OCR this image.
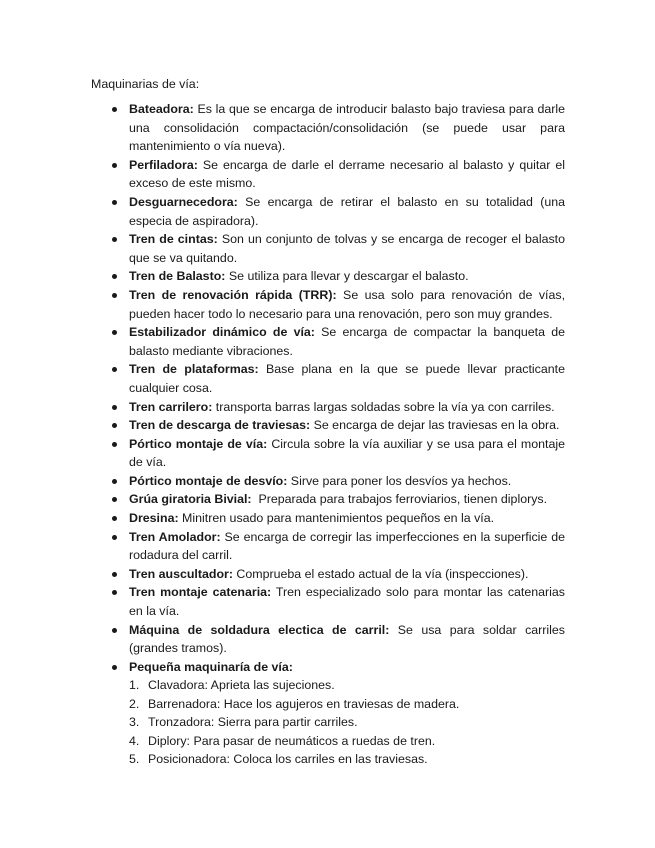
Maquinarias de vía:

Bateadora: Es la que se encarga de introducir balasto bajo traviesa para darle una consolidación compactación/consolidación (se puede usar para mantenimiento o vía nueva).
Perfiladora: Se encarga de darle el derrame necesario al balasto y quitar el exceso de este mismo.
Desguarnecedora: Se encarga de retirar el balasto en su totalidad (una especia de aspiradora).
Tren de cintas: Son un conjunto de tolvas y se encarga de recoger el balasto que se va quitando.
Tren de Balasto: Se utiliza para llevar y descargar el balasto.
Tren de renovación rápida (TRR): Se usa solo para renovación de vías, pueden hacer todo lo necesario para una renovación, pero son muy grandes.
Estabilizador dinámico de vía: Se encarga de compactar la banqueta de balasto mediante vibraciones.
Tren de plataformas: Base plana en la que se puede llevar practicante cualquier cosa.
Tren carrilero: transporta barras largas soldadas sobre la vía ya con carriles.
Tren de descarga de traviesas: Se encarga de dejar las traviesas en la obra.
Pórtico montaje de vía: Circula sobre la vía auxiliar y se usa para el montaje de vía.
Pórtico montaje de desvío: Sirve para poner los desvíos ya hechos.
Grúa giratoria Bivial:  Preparada para trabajos ferroviarios, tienen diplorys.
Dresina: Minitren usado para mantenimientos pequeños en la vía.
Tren Amolador: Se encarga de corregir las imperfecciones en la superficie de rodadura del carril.
Tren auscultador: Comprueba el estado actual de la vía (inspecciones).
Tren montaje catenaria: Tren especializado solo para montar las catenarias en la vía.
Máquina de soldadura electica de carril: Se usa para soldar carriles (grandes tramos).
Pequeña maquinaría de vía:
1. Clavadora: Aprieta las sujeciones.
2. Barrenadora: Hace los agujeros en traviesas de madera.
3. Tronzadora: Sierra para partir carriles.
4. Diplory: Para pasar de neumáticos a ruedas de tren.
5. Posicionadora: Coloca los carriles en las traviesas.
